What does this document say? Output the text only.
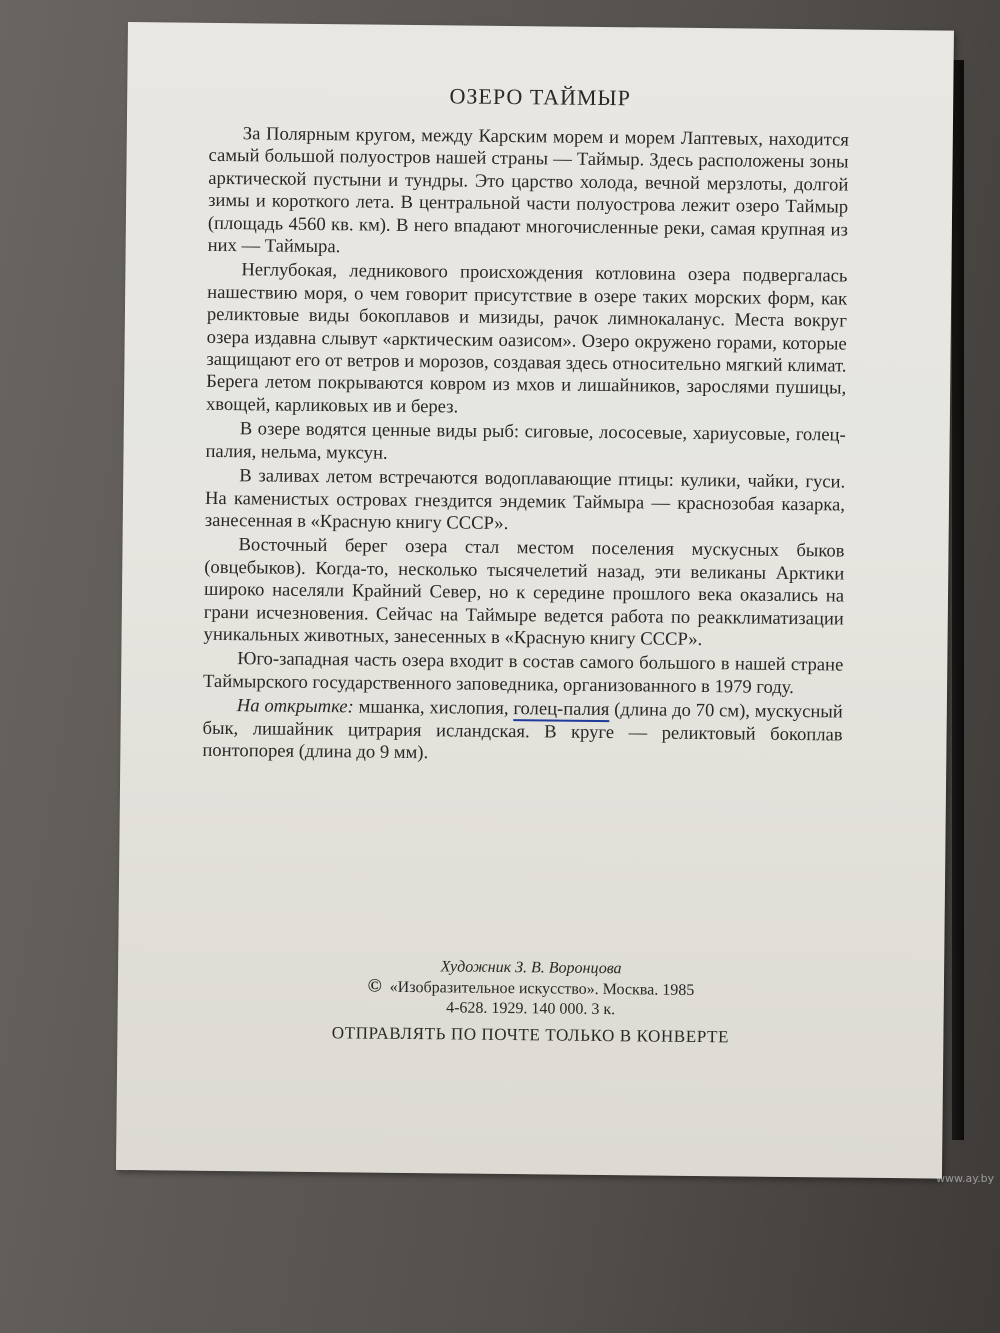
ОЗЕРО ТАЙМЫР

За Полярным кругом, между Карским морем и морем Лаптевых, находится самый большой полуостров нашей страны — Таймыр. Здесь расположены зоны арктической пустыни и тундры. Это царство холода, вечной мерзлоты, долгой зимы и короткого лета. В центральной части полуострова лежит озеро Таймыр (площадь 4560 кв. км). В него впадают многочисленные реки, самая крупная из них — Таймыра.

Неглубокая, ледникового происхождения котловина озера подвергалась нашествию моря, о чем говорит присутствие в озере таких морских форм, как реликтовые виды бокоплавов и мизиды, рачок лимнокаланус. Места вокруг озера издавна слывут «арктическим оазисом». Озеро окружено горами, которые защищают его от ветров и морозов, создавая здесь относительно мягкий климат. Берега летом покрываются ковром из мхов и лишайников, зарослями пушицы, хвощей, карликовых ив и берез.

В озере водятся ценные виды рыб: сиговые, лососевые, хариусовые, голец-палия, нельма, муксун.

В заливах летом встречаются водоплавающие птицы: кулики, чайки, гуси. На каменистых островах гнездится эндемик Таймыра — краснозобая казарка, занесенная в «Красную книгу СССР».

Восточный берег озера стал местом поселения мускусных быков (овцебыков). Когда-то, несколько тысячелетий назад, эти великаны Арктики широко населяли Крайний Север, но к середине прошлого века оказались на грани исчезновения. Сейчас на Таймыре ведется работа по реакклиматизации уникальных животных, занесенных в «Красную книгу СССР».

Юго-западная часть озера входит в состав самого большого в нашей стране Таймырского государственного заповедника, организованного в 1979 году.

На открытке: мшанка, хислопия, голец-палия (длина до 70 см), мускусный бык, лишайник цитрария исландская. В круге — реликтовый бокоплав понтопорея (длина до 9 мм).

Художник З. В. Воронцова
© «Изобразительное искусство». Москва. 1985
4-628. 1929. 140 000. 3 к.
ОТПРАВЛЯТЬ ПО ПОЧТЕ ТОЛЬКО В КОНВЕРТЕ
www.ay.by
